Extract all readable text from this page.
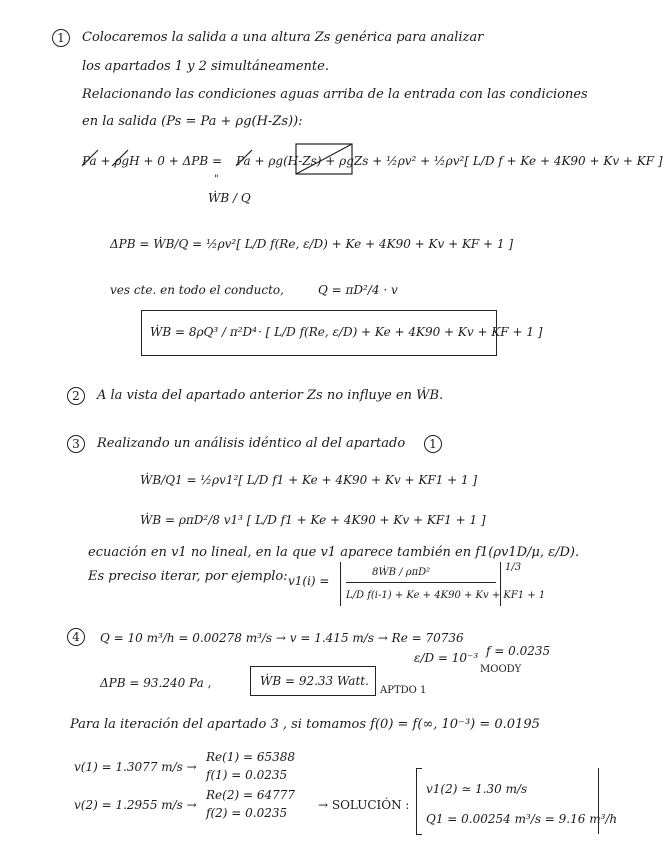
1	Colocaremos la salida a una altura Zs genérica para analizar
los apartados 1 y 2 simultáneamente.
Relacionando las condiciones aguas arriba de la entrada con las condiciones
en la salida (Ps = Pa + ρg(H-Zs)):
Pa + ρgH + 0 + ΔPB = Pa + ρg(H-Zs) + ρgZs + ½ρv² + ½ρv²[ L/D f + Ke + 4K90 + Kv + KF ]
"
ẆB / Q
ΔPB = ẆB/Q = ½ρv²[ L/D f(Re, ε/D) + Ke + 4K90 + Kv + KF + 1 ]
ves cte. en todo el conducto,	Q = πD²/4 · v
ẆB = 8ρQ³ / π²D⁴ · [ L/D f(Re, ε/D) + Ke + 4K90 + Kv + KF + 1 ]
2	A la vista del apartado anterior Zs no influye en ẆB.
3	Realizando un análisis idéntico al del apartado	1
ẆB/Q1 = ½ρv1²[ L/D f1 + Ke + 4K90 + Kv + KF1 + 1 ]
ẆB = ρπD²/8 v1³ [ L/D f1 + Ke + 4K90 + Kv + KF1 + 1 ]
ecuación en v1 no lineal, en la que v1 aparece también en f1(ρv1D/μ, ε/D).
Es preciso iterar, por ejemplo: v1(i) =
8ẆB / ρπD²
L/D f(i-1) + Ke + 4K90 + Kv + KF1 + 1
1/3
4	Q = 10 m³/h = 0.00278 m³/s → v = 1.415 m/s → Re = 70736
ε/D = 10⁻³ f = 0.0235
MOODY
ΔPB = 93.240 Pa ,	ẆB = 92.33 Watt.
APTDO 1
Para la iteración del apartado 3 , si tomamos f(0) = f(∞, 10⁻³) = 0.0195
v(1) = 1.3077 m/s →
Re(1) = 65388
f(1) = 0.0235
v(2) = 1.2955 m/s →
Re(2) = 64777
f(2) = 0.0235
→ SOLUCIÓN :
v1(2) ≃ 1.30 m/s
Q1 = 0.00254 m³/s = 9.16 m³/h
